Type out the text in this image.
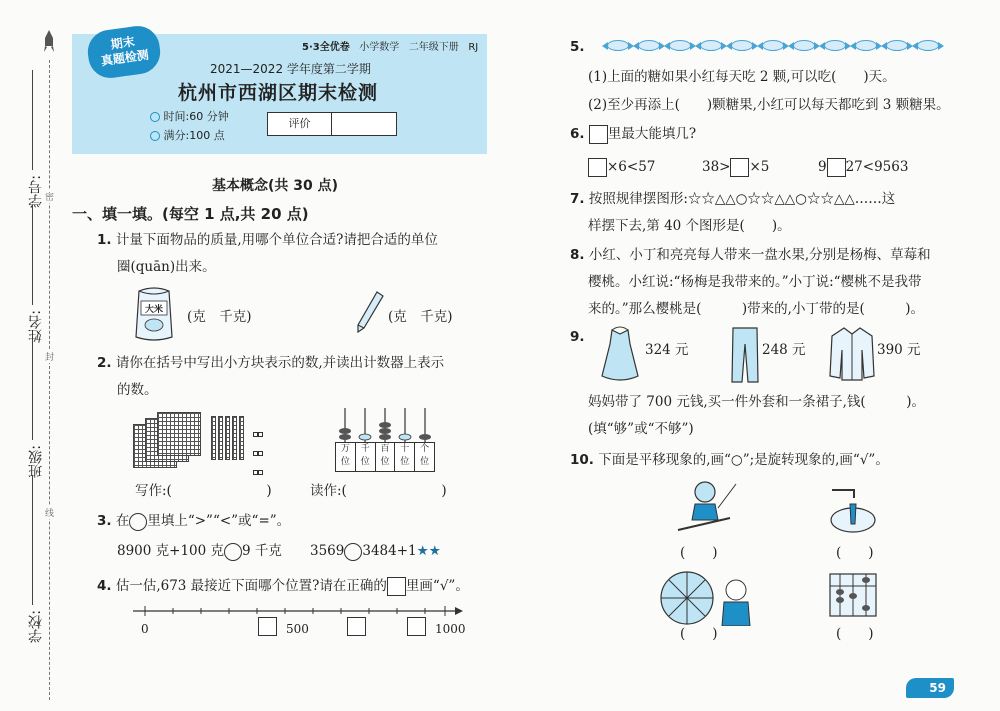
学号:
姓名:
班级:
学校:
密
封
线
期末
真题检测
5·3全优卷 小学数学 二年级下册 RJ
2021—2022 学年度第二学期
杭州市西湖区期末检测
时间:60 分钟
满分:100 点
评价
基本概念(共 30 点)
一、填一填。(每空 1 点,共 20 点)
1. 计量下面物品的质量,用哪个单位合适?请把合适的单位
圈(quān)出来。
大米 (克　千克)	(克　千克)
2. 请你在括号中写出小方块表示的数,并读出计数器上表示
的数。

万
位
千
位
百
位
十
位
个
位
写作:(　　　　　　　)	读作:(　　　　　　　)
3. 在 里填上“>”“<”或“=”。
8900 克+100 克 9 千克 3569 3484+1★★
4. 估一估,673 最接近下面哪个位置?请在正确的 里画“√”。
0	500	1000
5.
(1)上面的糖如果小红每天吃 2 颗,可以吃(　　)天。
(2)至少再添上(　　)颗糖果,小红可以每天都吃到 3 颗糖果。
6. 里最大能填几?
×6<57	38> ×5	9 27<9563
7. 按照规律摆图形:☆☆△△○☆☆△△○☆☆△△……这
样摆下去,第 40 个图形是(　　)。
8. 小红、小丁和亮亮每人带来一盘水果,分别是杨梅、草莓和
樱桃。小红说:“杨梅是我带来的。”小丁说:“樱桃不是我带
来的。”那么樱桃是(　　　)带来的,小丁带的是(　　　)。
9.
324 元	248 元	390 元
妈妈带了 700 元钱,买一件外套和一条裙子,钱(　　　)。
(填“够”或“不够”)
10. 下面是平移现象的,画“○”;是旋转现象的,画“√”。
(　　)	(　　)
(　　)	(　　)
59
